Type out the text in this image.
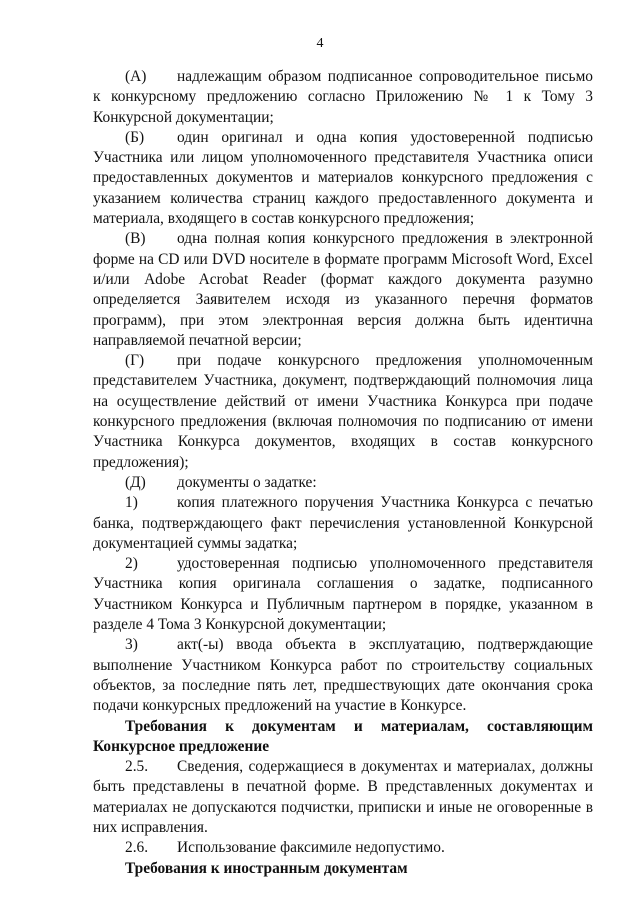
4

(А) надлежащим образом подписанное сопроводительное письмо к конкурсному предложению согласно Приложению № 1 к Тому 3 Конкурсной документации;

(Б) один оригинал и одна копия удостоверенной подписью Участника или лицом уполномоченного представителя Участника описи предоставленных документов и материалов конкурсного предложения с указанием количества страниц каждого предоставленного документа и материала, входящего в состав конкурсного предложения;

(В) одна полная копия конкурсного предложения в электронной форме на CD или DVD носителе в формате программ Microsoft Word, Excel и/или Adobe Acrobat Reader (формат каждого документа разумно определяется Заявителем исходя из указанного перечня форматов программ), при этом электронная версия должна быть идентична направляемой печатной версии;

(Г) при подаче конкурсного предложения уполномоченным представителем Участника, документ, подтверждающий полномочия лица на осуществление действий от имени Участника Конкурса при подаче конкурсного предложения (включая полномочия по подписанию от имени Участника Конкурса документов, входящих в состав конкурсного предложения);

(Д) документы о задатке:

1)	копия платежного поручения Участника Конкурса с печатью банка, подтверждающего факт перечисления установленной Конкурсной документацией суммы задатка;

2)	удостоверенная подписью уполномоченного представителя Участника копия оригинала соглашения о задатке, подписанного Участником Конкурса и Публичным партнером в порядке, указанном в разделе 4 Тома 3 Конкурсной документации;

3)	акт(-ы) ввода объекта в эксплуатацию, подтверждающие выполнение Участником Конкурса работ по строительству социальных объектов, за последние пять лет, предшествующих дате окончания срока подачи конкурсных предложений на участие в Конкурсе.

Требования к документам и материалам, составляющим Конкурсное предложение

2.5. Сведения, содержащиеся в документах и материалах, должны быть представлены в печатной форме. В представленных документах и материалах не допускаются подчистки, приписки и иные не оговоренные в них исправления.

2.6. Использование факсимиле недопустимо.

Требования к иностранным документам
